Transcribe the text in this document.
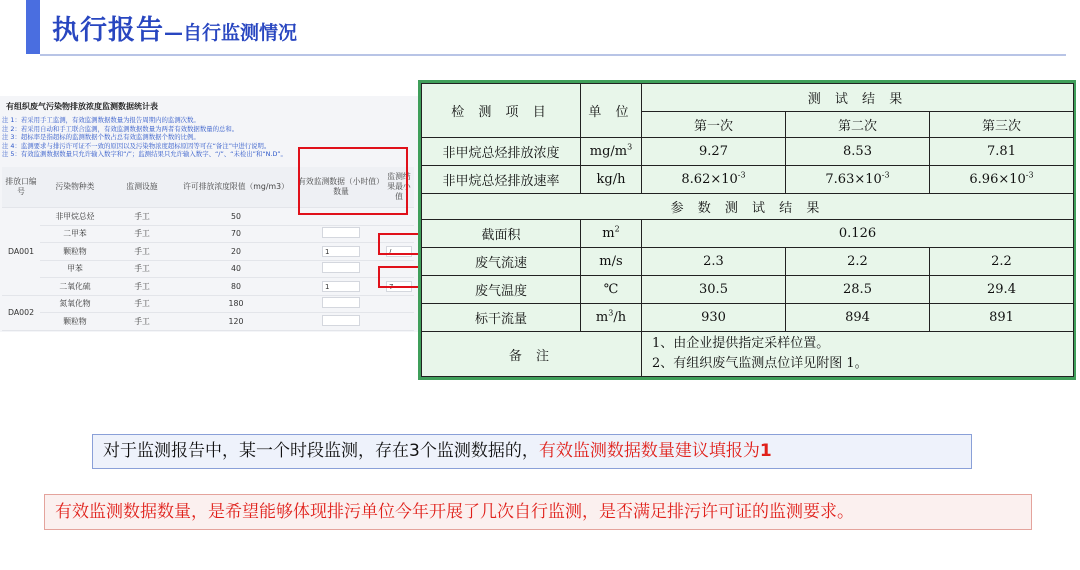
执行报告—自行监测情况
有组织废气污染物排放浓度监测数据统计表
注 1：若采用手工监测，有效监测数据数量为报告周期内的监测次数。
注 2：若采用自动和手工联合监测，有效监测数据数量为两者有效数据数量的总和。
注 3：超标率是指超标的监测数据个数占总有效监测数据个数的比例。
注 4：监测要求与排污许可证不一致的原因以及污染物浓度超标原因等可在“备注”中进行说明。
注 5：有效监测数据数量只允许输入数字和“/”；监测结果只允许输入数字、“/”、“未检出”和“N.D”。
排放口编号	污染物种类	监测设施	许可排放浓度限值（mg/m3）	有效监测数据（小时值）数量	监测结果最小值
DA001	非甲烷总烃	手工	50		
	二甲苯	手工	70		
	颗粒物	手工	20	1	/
	甲苯	手工	40		
	二氧化硫	手工	80	1	7
DA002	氮氧化物	手工	180		
	颗粒物	手工	120		
检 测 项 目	单 位	测 试 结 果		
		第一次	第二次	第三次
非甲烷总烃排放浓度	$mg/m^3$	9.27	8.53	7.81
非甲烷总烃排放速率	kg/h	$8.62\times 10^{-3}$	$7.63\times 10^{-3}$	$6.96\times 10^{-3}$
参 数 测 试 结 果				
截面积	$m^2$	0.126		
废气流速	m/s	2.3	2.2	2.2
废气温度	℃	30.5	28.5	29.4
标干流量	$m^3/h$	930	894	891
备 注		1、由企业提供指定采样位置。
2、有组织废气监测点位详见附图 1。		
对于监测报告中，某一个时段监测，存在3个监测数据的，有效监测数据数量建议填报为1
有效监测数据数量，是希望能够体现排污单位今年开展了几次自行监测，是否满足排污许可证的监测要求。
